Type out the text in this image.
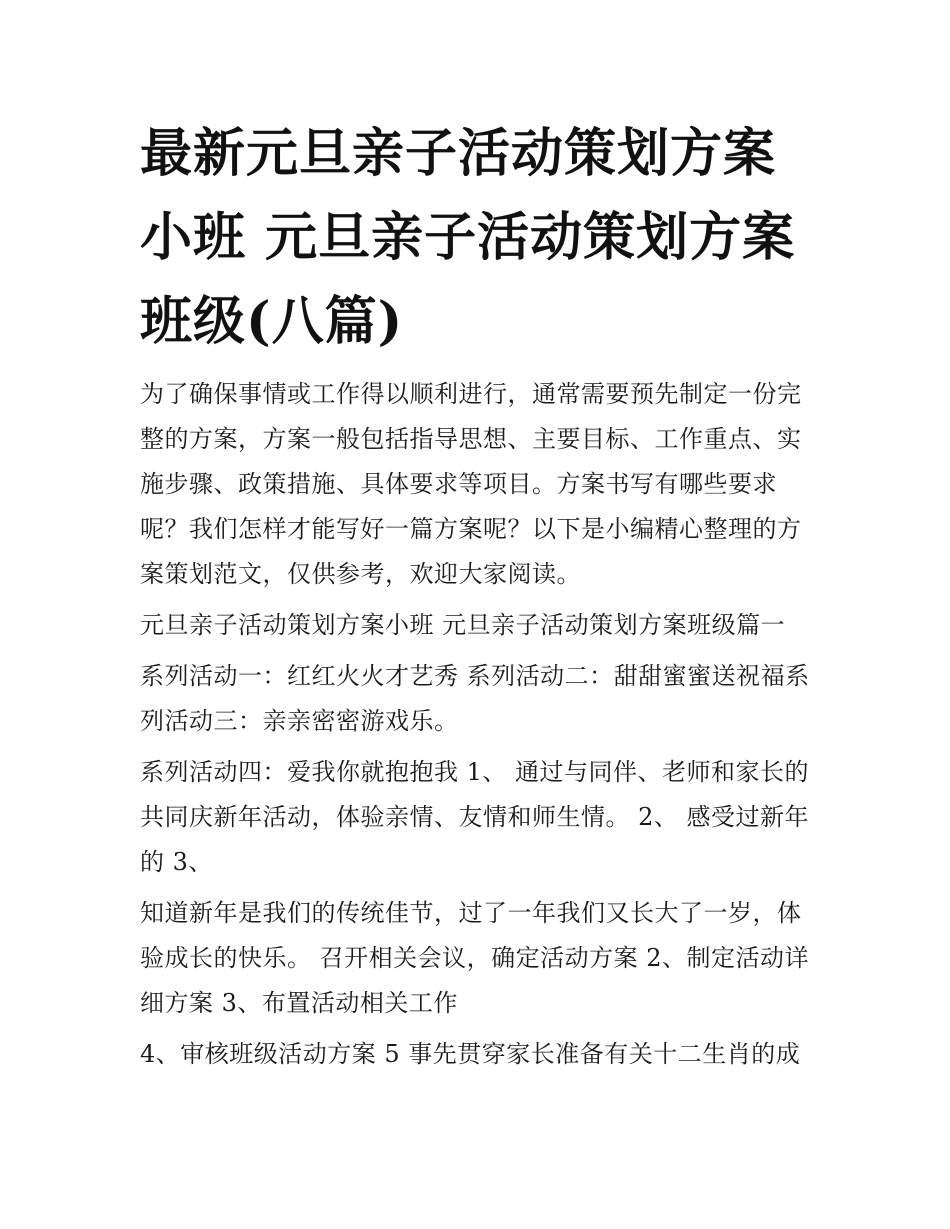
最新元旦亲子活动策划方案小班 元旦亲子活动策划方案班级(八篇)

为了确保事情或工作得以顺利进行，通常需要预先制定一份完整的方案，方案一般包括指导思想、主要目标、工作重点、实施步骤、政策措施、具体要求等项目。方案书写有哪些要求呢？我们怎样才能写好一篇方案呢？以下是小编精心整理的方案策划范文，仅供参考，欢迎大家阅读。

元旦亲子活动策划方案小班 元旦亲子活动策划方案班级篇一

系列活动一：红红火火才艺秀 系列活动二：甜甜蜜蜜送祝福系列活动三：亲亲密密游戏乐。

系列活动四：爱我你就抱抱我 1、 通过与同伴、老师和家长的共同庆新年活动，体验亲情、友情和师生情。 2、 感受过新年的 3、

知道新年是我们的传统佳节，过了一年我们又长大了一岁，体验成长的快乐。 召开相关会议，确定活动方案 2、制定活动详细方案 3、布置活动相关工作

4、审核班级活动方案 5 事先贯穿家长准备有关十二生肖的成
